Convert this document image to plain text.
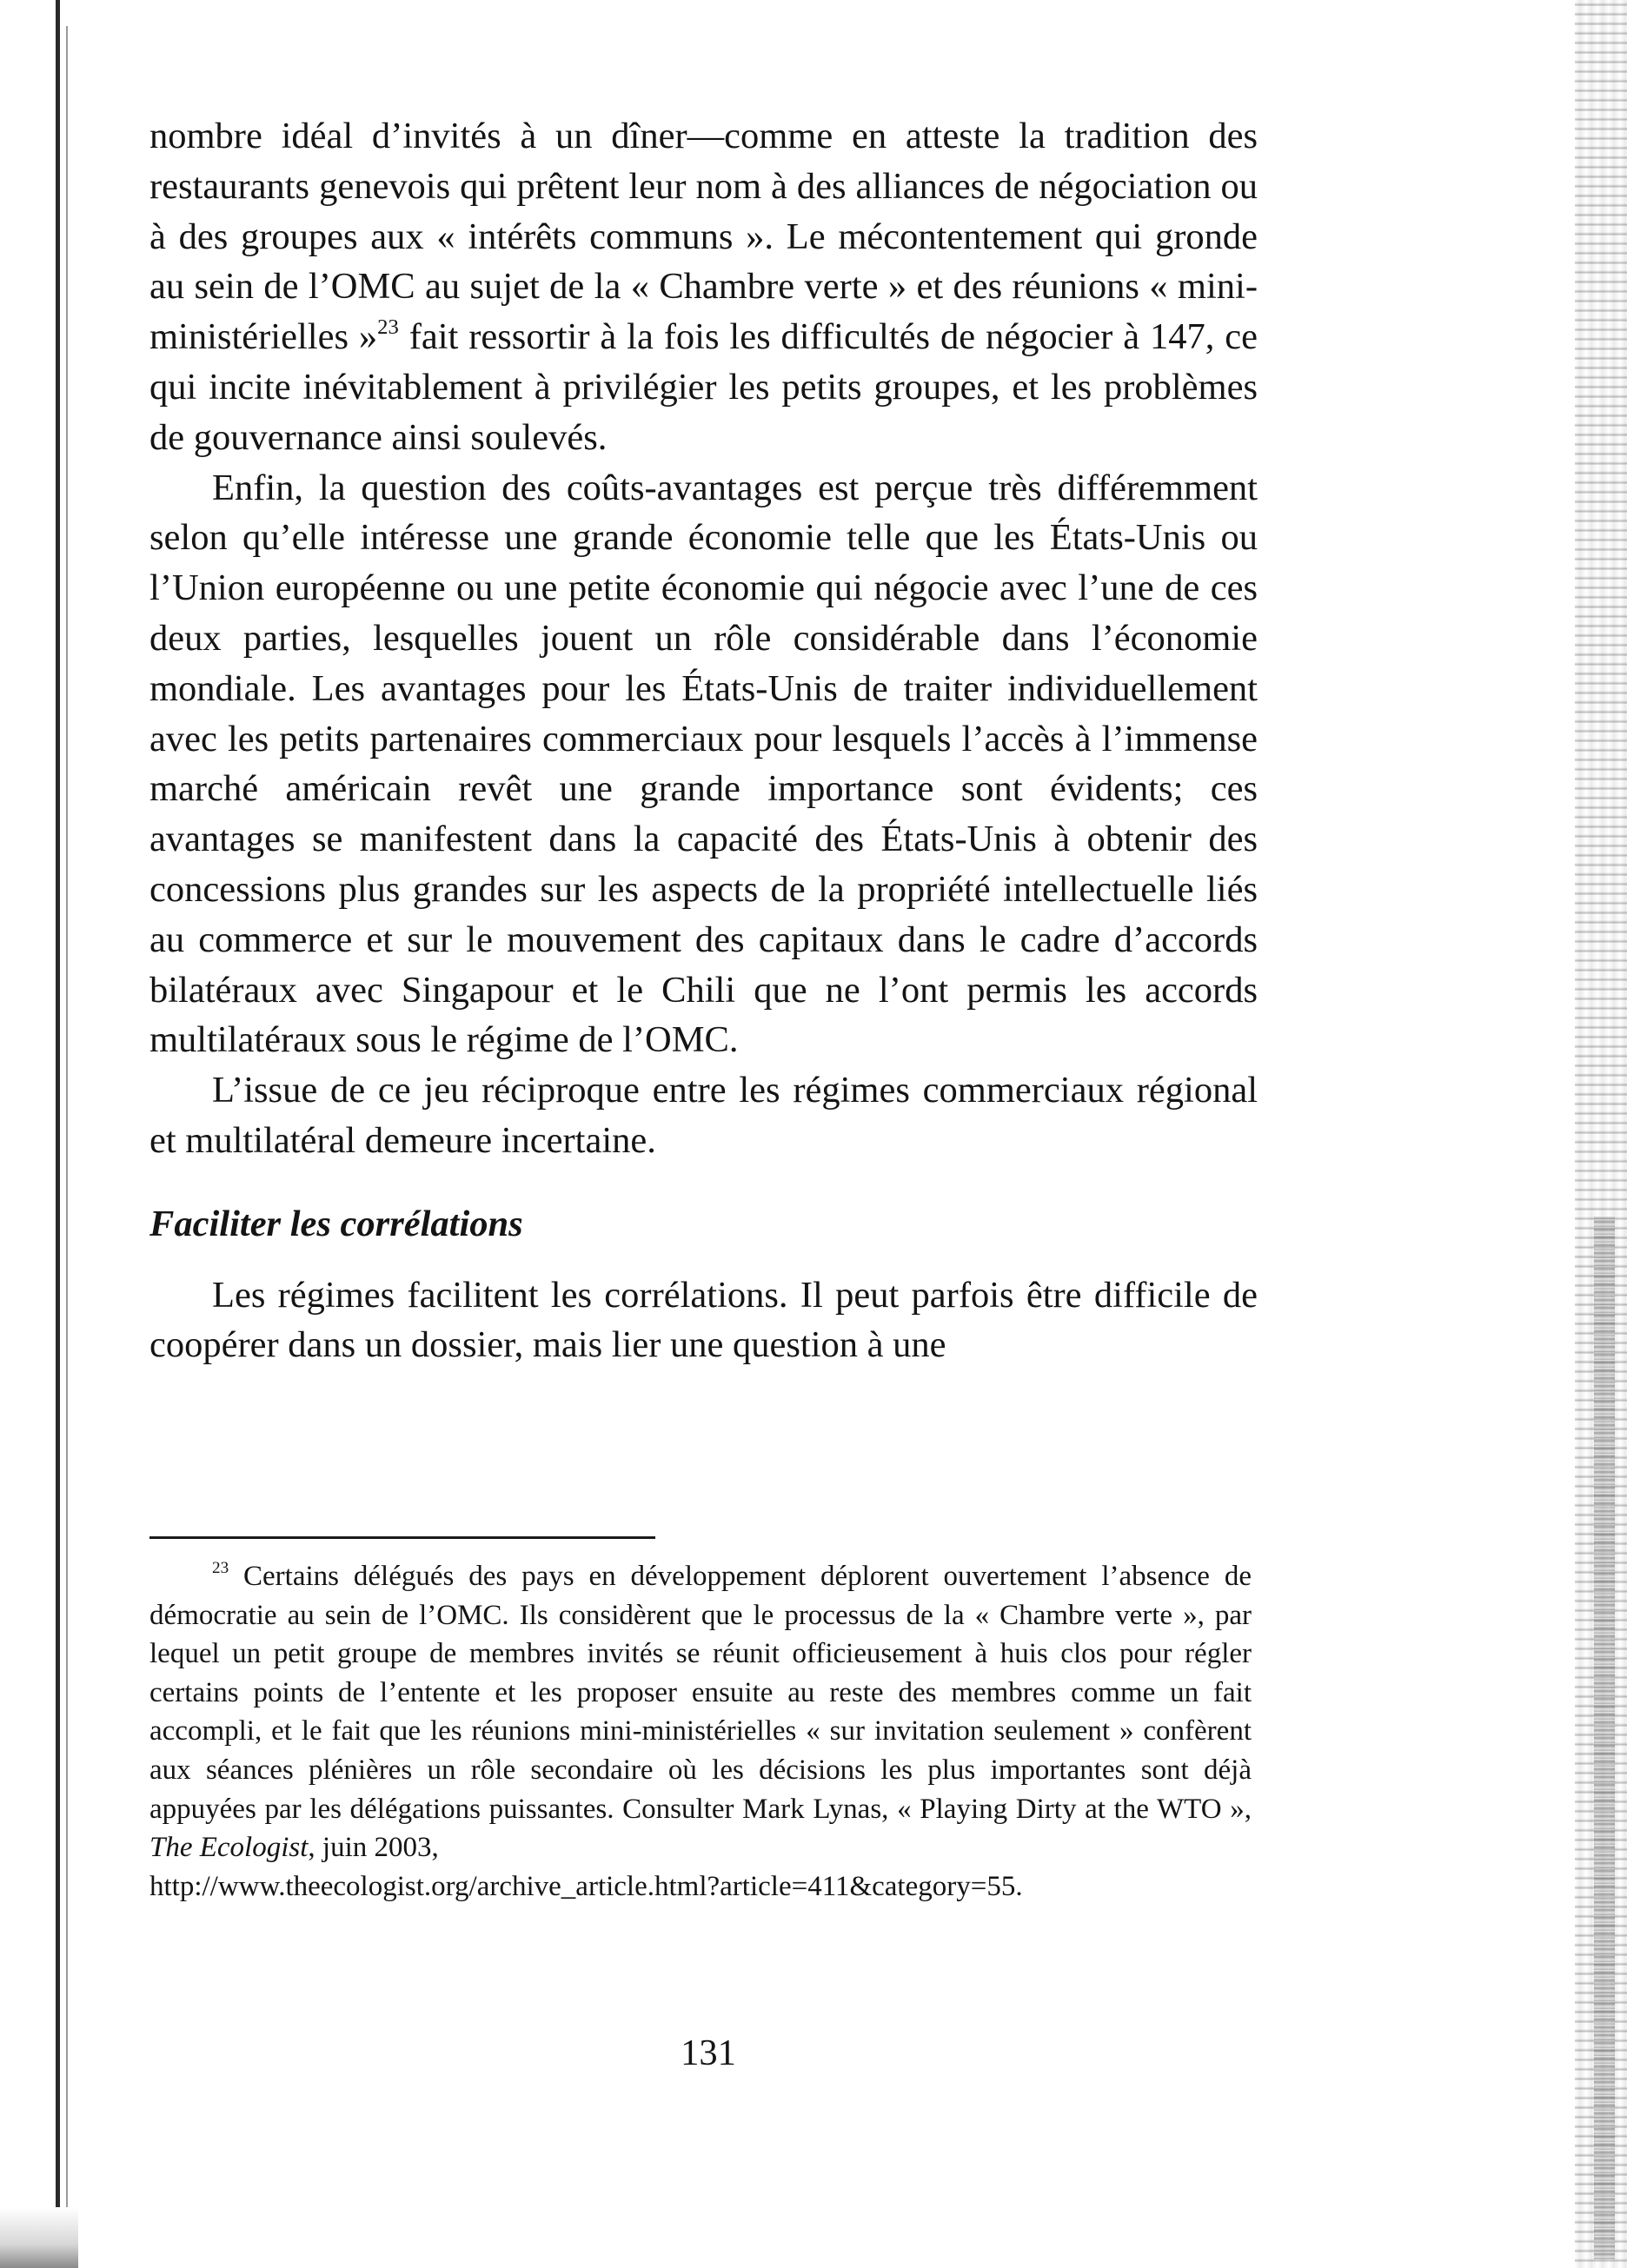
nombre idéal d’invités à un dîner—comme en atteste la tradition des restaurants genevois qui prêtent leur nom à des alliances de négociation ou à des groupes aux « intérêts communs ». Le mécontentement qui gronde au sein de l’OMC au sujet de la « Chambre verte » et des réunions « mini-ministérielles »$^{23}$ fait ressortir à la fois les difficultés de négocier à 147, ce qui incite inévitablement à privilégier les petits groupes, et les problèmes de gouvernance ainsi soulevés.

Enfin, la question des coûts-avantages est perçue très différemment selon qu’elle intéresse une grande économie telle que les États-Unis ou l’Union européenne ou une petite économie qui négocie avec l’une de ces deux parties, lesquelles jouent un rôle considérable dans l’économie mondiale. Les avantages pour les États-Unis de traiter individuellement avec les petits partenaires commerciaux pour lesquels l’accès à l’immense marché américain revêt une grande importance sont évidents; ces avantages se manifestent dans la capacité des États-Unis à obtenir des concessions plus grandes sur les aspects de la propriété intellectuelle liés au commerce et sur le mouvement des capitaux dans le cadre d’accords bilatéraux avec Singapour et le Chili que ne l’ont permis les accords multilatéraux sous le régime de l’OMC.

L’issue de ce jeu réciproque entre les régimes commerciaux régional et multilatéral demeure incertaine.

Faciliter les corrélations

Les régimes facilitent les corrélations. Il peut parfois être difficile de coopérer dans un dossier, mais lier une question à une

$^{23}$ Certains délégués des pays en développement déplorent ouvertement l’absence de démocratie au sein de l’OMC. Ils considèrent que le processus de la « Chambre verte », par lequel un petit groupe de membres invités se réunit officieusement à huis clos pour régler certains points de l’entente et les proposer ensuite au reste des membres comme un fait accompli, et le fait que les réunions mini-ministérielles « sur invitation seulement » confèrent aux séances plénières un rôle secondaire où les décisions les plus importantes sont déjà appuyées par les délégations puissantes. Consulter Mark Lynas, « Playing Dirty at the WTO », The Ecologist, juin 2003,
http://www.theecologist.org/archive_article.html?article=411&category=55.

131
